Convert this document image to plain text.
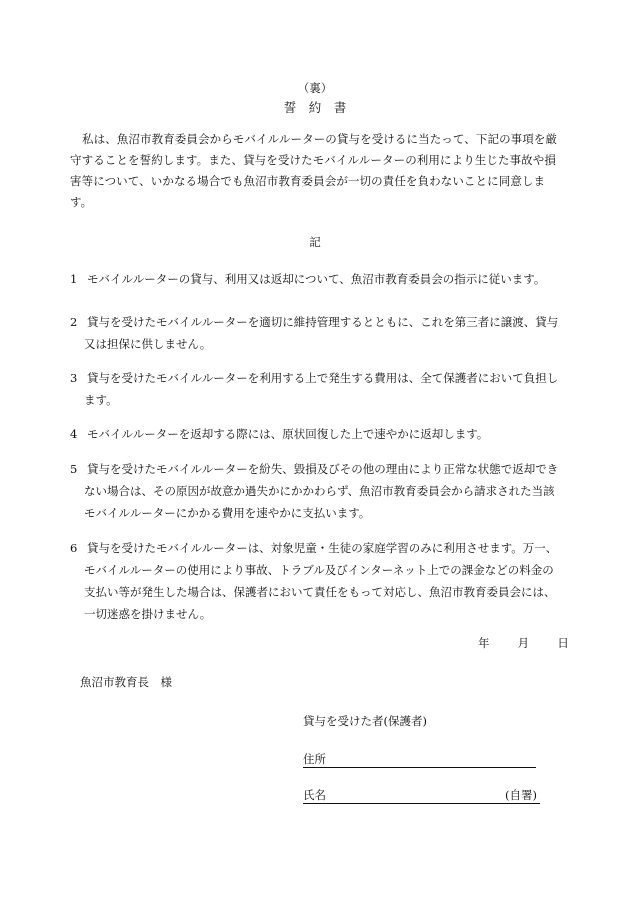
（裏）
誓　約　書
私は、魚沼市教育委員会からモバイルルーターの貸与を受けるに当たって、下記の事項を厳守することを誓約します。また、貸与を受けたモバイルルーターの利用により生じた事故や損害等について、いかなる場合でも魚沼市教育委員会が一切の責任を負わないことに同意します。
記
1 モバイルルーターの貸与、利用又は返却について、魚沼市教育委員会の指示に従います。
2 貸与を受けたモバイルルーターを適切に維持管理するとともに、これを第三者に譲渡、貸与又は担保に供しません。
3 貸与を受けたモバイルルーターを利用する上で発生する費用は、全て保護者において負担します。
4 モバイルルーターを返却する際には、原状回復した上で速やかに返却します。
5 貸与を受けたモバイルルーターを紛失、毀損及びその他の理由により正常な状態で返却できない場合は、その原因が故意か過失かにかかわらず、魚沼市教育委員会から請求された当該モバイルルーターにかかる費用を速やかに支払います。
6 貸与を受けたモバイルルーターは、対象児童・生徒の家庭学習のみに利用させます。万一、モバイルルーターの使用により事故、トラブル及びインターネット上での課金などの料金の支払い等が発生した場合は、保護者において責任をもって対応し、魚沼市教育委員会には、一切迷惑を掛けません。
年 月 日
魚沼市教育長　様
貸与を受けた者(保護者)
住所
氏名	(自署)
